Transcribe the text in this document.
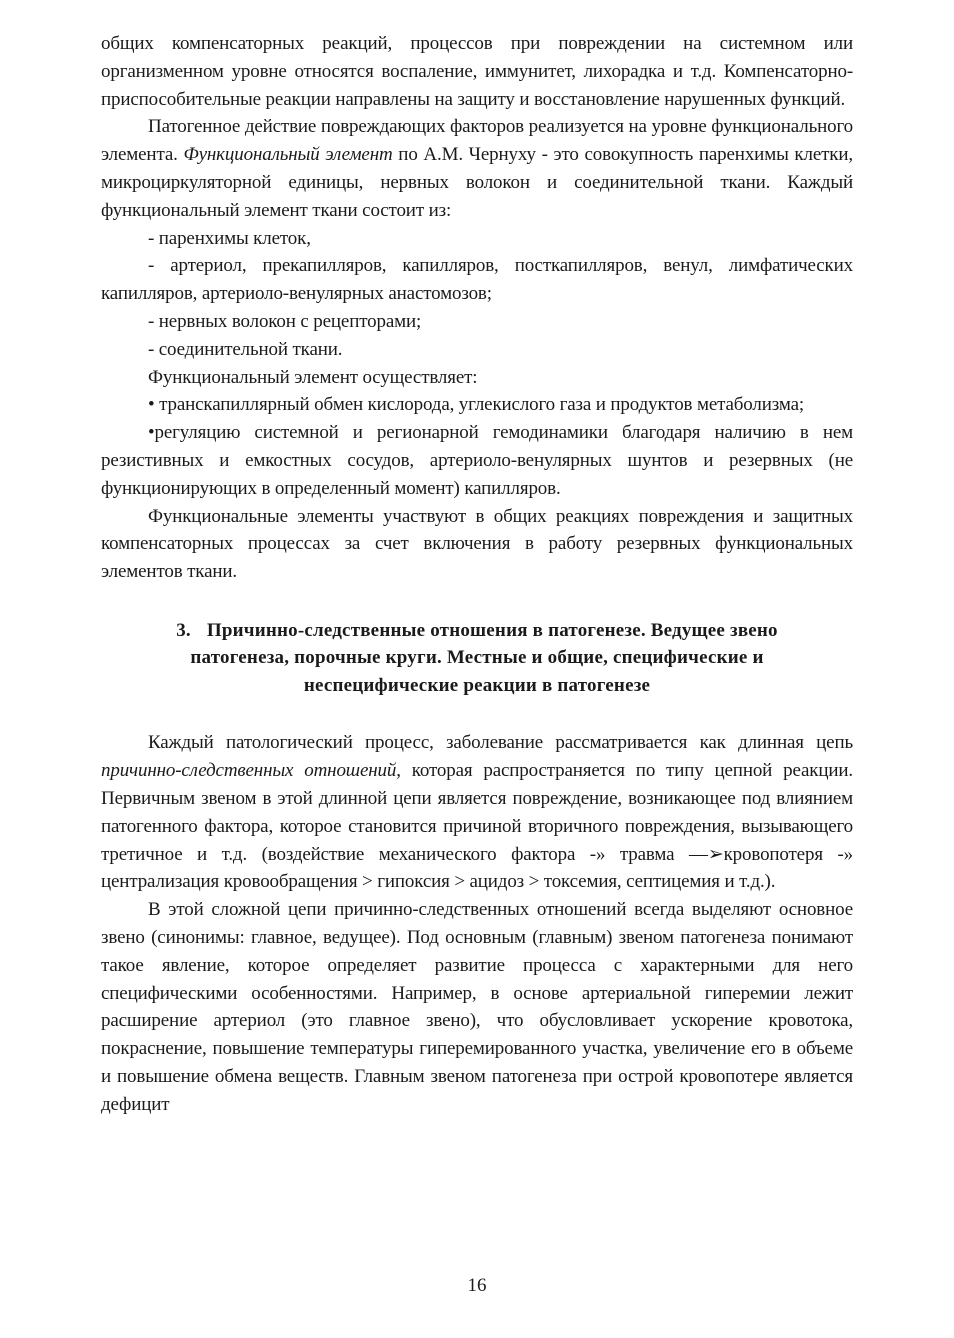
общих компенсаторных реакций, процессов при повреждении на системном или организменном уровне относятся воспаление, иммунитет, лихорадка и т.д. Компенсаторно-приспособительные реакции направлены на защиту и восстановление нарушенных функций.

Патогенное действие повреждающих факторов реализуется на уровне функционального элемента. Функциональный элемент по А.М. Чернуху - это совокупность паренхимы клетки, микроциркуляторной единицы, нервных волокон и соединительной ткани. Каждый функциональный элемент ткани состоит из:

- паренхимы клеток,

- артериол, прекапилляров, капилляров, посткапилляров, венул, лимфатических капилляров, артериоло-венулярных анастомозов;

- нервных волокон с рецепторами;

- соединительной ткани.

Функциональный элемент осуществляет:

• транскапиллярный обмен кислорода, углекислого газа и продуктов метаболизма;

•регуляцию системной и регионарной гемодинамики благодаря наличию в нем резистивных и емкостных сосудов, артериоло-венулярных шунтов и резервных (не функционирующих в определенный момент) капилляров.

Функциональные элементы участвуют в общих реакциях повреждения и защитных компенсаторных процессах за счет включения в работу резервных функциональных элементов ткани.

3. Причинно-следственные отношения в патогенезе. Ведущее звено

патогенеза, порочные круги. Местные и общие, специфические и

неспецифические реакции в патогенезе

Каждый патологический процесс, заболевание рассматривается как длинная цепь причинно-следственных отношений, которая распространяется по типу цепной реакции. Первичным звеном в этой длинной цепи является повреждение, возникающее под влиянием патогенного фактора, которое становится причиной вторичного повреждения, вызывающего третичное и т.д. (воздействие механического фактора -» травма —➢кровопотеря -» централизация кровообращения > гипоксия > ацидоз > токсемия, септицемия и т.д.).

В этой сложной цепи причинно-следственных отношений всегда выделяют основное звено (синонимы: главное, ведущее). Под основным (главным) звеном патогенеза понимают такое явление, которое определяет развитие процесса с характерными для него специфическими особенностями. Например, в основе артериальной гиперемии лежит расширение артериол (это главное звено), что обусловливает ускорение кровотока, покраснение, повышение температуры гиперемированного участка, увеличение его в объеме и повышение обмена веществ. Главным звеном патогенеза при острой кровопотере является дефицит

16
